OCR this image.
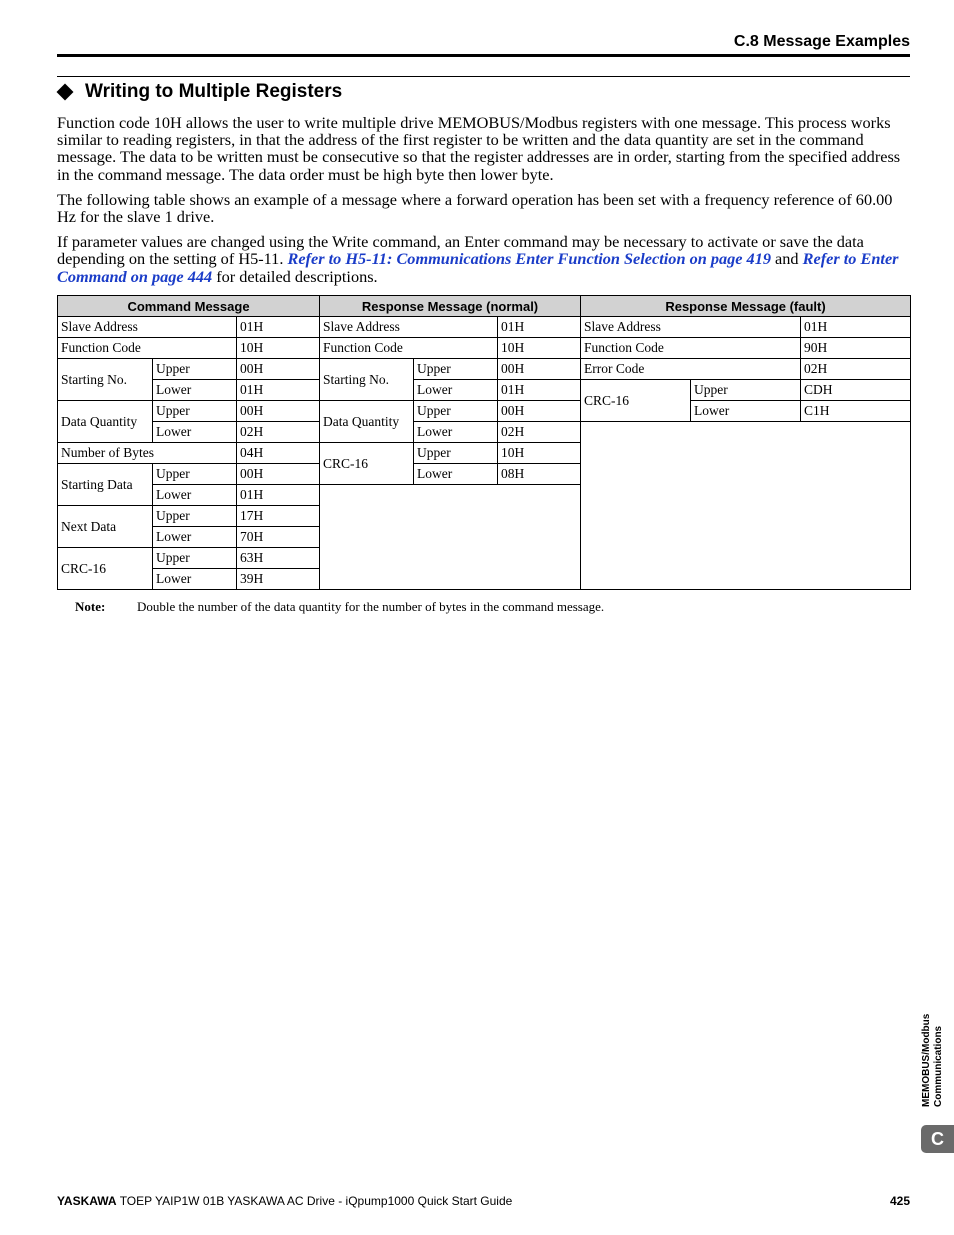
C.8 Message Examples
Writing to Multiple Registers

Function code 10H allows the user to write multiple drive MEMOBUS/Modbus registers with one message. This process works similar to reading registers, in that the address of the first register to be written and the data quantity are set in the command message. The data to be written must be consecutive so that the register addresses are in order, starting from the specified address in the command message. The data order must be high byte then lower byte.

The following table shows an example of a message where a forward operation has been set with a frequency reference of 60.00 Hz for the slave 1 drive.

If parameter values are changed using the Write command, an Enter command may be necessary to activate or save the data depending on the setting of H5-11. Refer to H5-11: Communications Enter Function Selection on page 419 and Refer to Enter Command on page 444 for detailed descriptions.

Command Message			Response Message (normal)			Response Message (fault)		
Slave Address		01H	Slave Address		01H	Slave Address		01H
Function Code		10H	Function Code		10H	Function Code		90H
Starting No.	Upper	00H	Starting No.	Upper	00H	Error Code		02H
	Lower	01H		Lower	01H	CRC-16	Upper	CDH
Data Quantity	Upper	00H	Data Quantity	Upper	00H		Lower	C1H
	Lower	02H		Lower	02H			
Number of Bytes		04H	CRC-16	Upper	10H			
Starting Data	Upper	00H		Lower	08H			
	Lower	01H						
Next Data	Upper	17H						
	Lower	70H						
CRC-16	Upper	63H						
	Lower	39H						
Note: Double the number of the data quantity for the number of bytes in the command message.
MEMOBUS/Modbus Communications
C
YASKAWA TOEP YAIP1W 01B YASKAWA AC Drive - iQpump1000 Quick Start Guide	425
